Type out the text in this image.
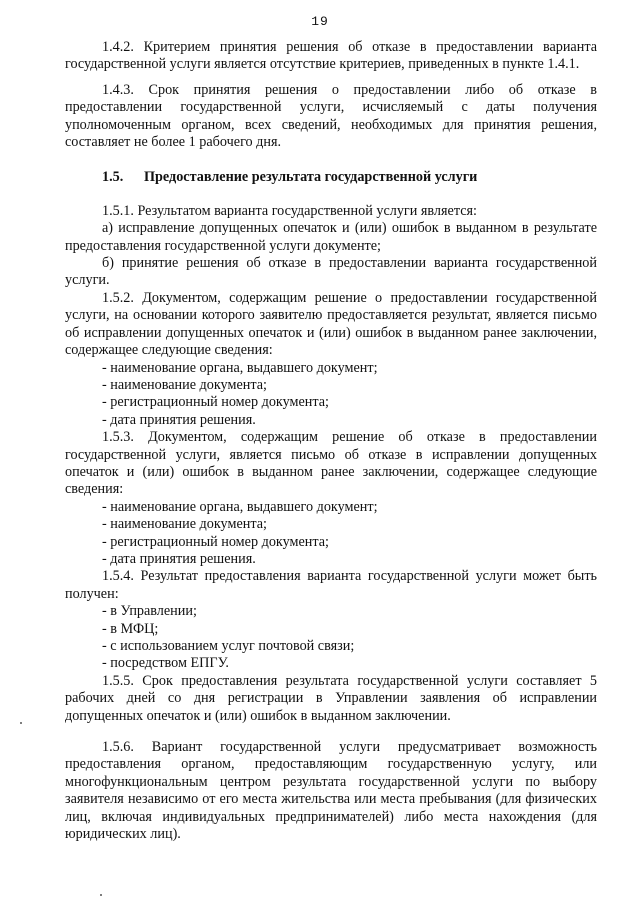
19

1.4.2. Критерием принятия решения об отказе в предоставлении варианта государственной услуги является отсутствие критериев, приведенных в пункте 1.4.1.

1.4.3. Срок принятия решения о предоставлении либо об отказе в предоставлении государственной услуги, исчисляемый с даты получения уполномоченным органом, всех сведений, необходимых для принятия решения, составляет не более 1 рабочего дня.

1.5. Предоставление результата государственной услуги

1.5.1. Результатом варианта государственной услуги является:

а) исправление допущенных опечаток и (или) ошибок в выданном в результате предоставления государственной услуги документе;

б) принятие решения об отказе в предоставлении варианта государственной услуги.

1.5.2. Документом, содержащим решение о предоставлении государственной услуги, на основании которого заявителю предоставляется результат, является письмо об исправлении допущенных опечаток и (или) ошибок в выданном ранее заключении, содержащее следующие сведения:

- наименование органа, выдавшего документ;
- наименование документа;
- регистрационный номер документа;
- дата принятия решения.

1.5.3. Документом, содержащим решение об отказе в предоставлении государственной услуги, является письмо об отказе в исправлении допущенных опечаток и (или) ошибок в выданном ранее заключении, содержащее следующие сведения:

- наименование органа, выдавшего документ;
- наименование документа;
- регистрационный номер документа;
- дата принятия решения.

1.5.4. Результат предоставления варианта государственной услуги может быть получен:

- в Управлении;
- в МФЦ;
- с использованием услуг почтовой связи;
- посредством ЕПГУ.

1.5.5. Срок предоставления результата государственной услуги составляет 5 рабочих дней со дня регистрации в Управлении заявления об исправлении допущенных опечаток и (или) ошибок в выданном заключении.

1.5.6. Вариант государственной услуги предусматривает возможность предоставления органом, предоставляющим государственную услугу, или многофункциональным центром результата государственной услуги по выбору заявителя независимо от его места жительства или места пребывания (для физических лиц, включая индивидуальных предпринимателей) либо места нахождения (для юридических лиц).
